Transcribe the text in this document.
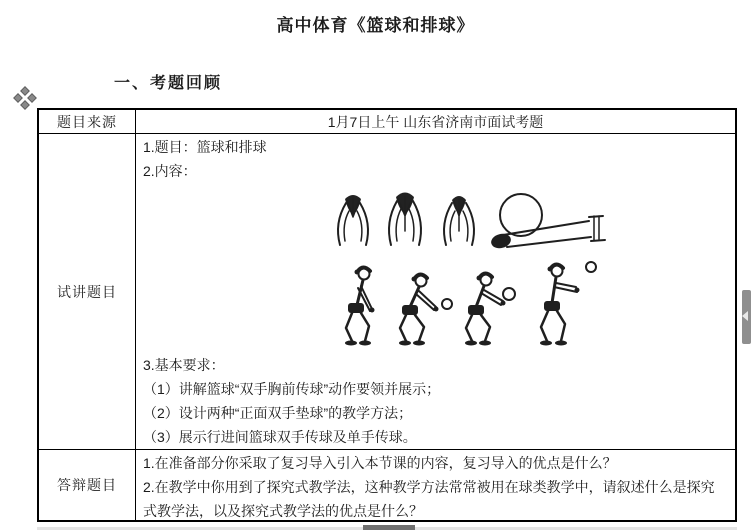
高中体育《篮球和排球》
一、考题回顾
题目来源	1月7日上午 山东省济南市面试考题
试讲题目
1.题目：篮球和排球
2.内容：
3.基本要求：
（1）讲解篮球“双手胸前传球”动作要领并展示；
（2）设计两种“正面双手垫球”的教学方法；
（3）展示行进间篮球双手传球及单手传球。
答辩题目
1.在准备部分你采取了复习导入引入本节课的内容，复习导入的优点是什么？
2.在教学中你用到了探究式教学法，这种教学方法常常被用在球类教学中，请叙述什么是探究式教学法，以及探究式教学法的优点是什么？
